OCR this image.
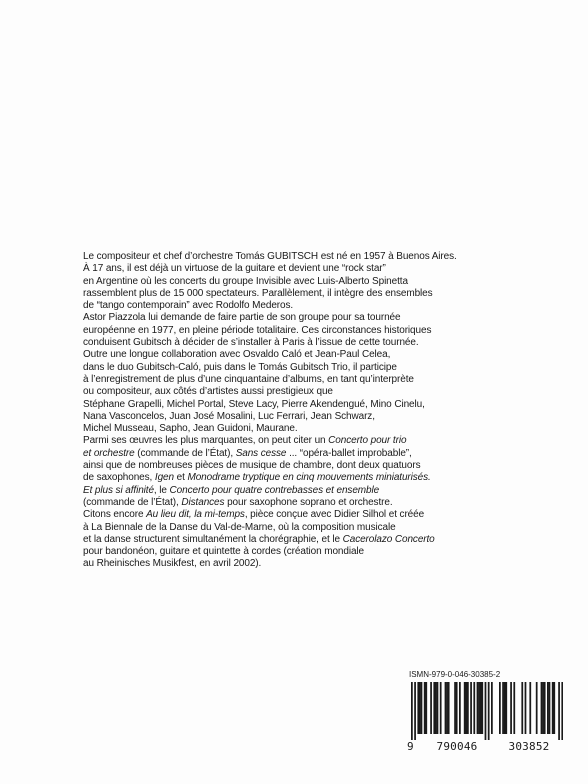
Le compositeur et chef d’orchestre Tomás GUBITSCH est né en 1957 à Buenos Aires.
À 17 ans, il est déjà un virtuose de la guitare et devient une “rock star”
en Argentine où les concerts du groupe Invisible avec Luis-Alberto Spinetta
rassemblent plus de 15 000 spectateurs. Parallèlement, il intègre des ensembles
de “tango contemporain” avec Rodolfo Mederos.
Astor Piazzola lui demande de faire partie de son groupe pour sa tournée
européenne en 1977, en pleine période totalitaire. Ces circonstances historiques
conduisent Gubitsch à décider de s’installer à Paris à l’issue de cette tournée.
Outre une longue collaboration avec Osvaldo Caló et Jean-Paul Celea,
dans le duo Gubitsch-Caló, puis dans le Tomás Gubitsch Trio, il participe
à l’enregistrement de plus d’une cinquantaine d’albums, en tant qu’interprète
ou compositeur, aux côtés d’artistes aussi prestigieux que
Stéphane Grapelli, Michel Portal, Steve Lacy, Pierre Akendengué, Mino Cinelu,
Nana Vasconcelos, Juan José Mosalini, Luc Ferrari, Jean Schwarz,
Michel Musseau, Sapho, Jean Guidoni, Maurane.
Parmi ses œuvres les plus marquantes, on peut citer un Concerto pour trio
et orchestre (commande de l’État), Sans cesse ... “opéra-ballet improbable”,
ainsi que de nombreuses pièces de musique de chambre, dont deux quatuors
de saxophones, Igen et Monodrame tryptique en cinq mouvements miniaturisés.
Et plus si affinité, le Concerto pour quatre contrebasses et ensemble
(commande de l’État), Distances pour saxophone soprano et orchestre.
Citons encore Au lieu dit, la mi-temps, pièce conçue avec Didier Silhol et créée
à La Biennale de la Danse du Val-de-Marne, où la composition musicale
et la danse structurent simultanément la chorégraphie, et le Cacerolazo Concerto
pour bandonéon, guitare et quintette à cordes (création mondiale
au Rheinisches Musikfest, en avril 2002).
ISMN-979-0-046-30385-2
9 790046	303852
